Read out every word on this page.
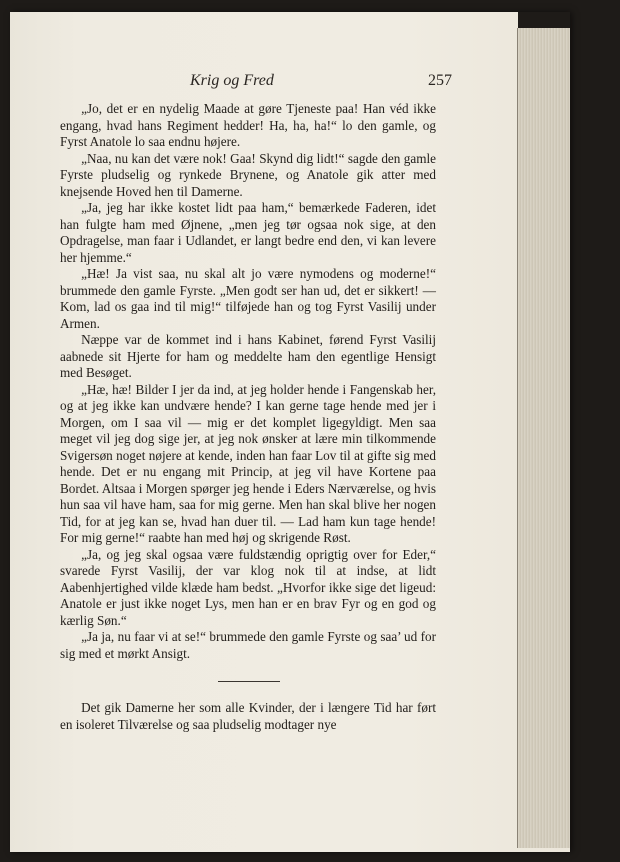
Krig og Fred	257

„Jo, det er en nydelig Maade at gøre Tjeneste paa! Han véd ikke engang, hvad hans Regiment hedder! Ha, ha, ha!“ lo den gamle, og Fyrst Anatole lo saa endnu højere.

„Naa, nu kan det være nok! Gaa! Skynd dig lidt!“ sagde den gamle Fyrste pludselig og rynkede Brynene, og Anatole gik atter med knejsende Hoved hen til Damerne.

„Ja, jeg har ikke kostet lidt paa ham,“ bemærkede Faderen, idet han fulgte ham med Øjnene, „men jeg tør ogsaa nok sige, at den Opdragelse, man faar i Udlandet, er langt bedre end den, vi kan levere her hjemme.“

„Hæ! Ja vist saa, nu skal alt jo være nymodens og moderne!“ brummede den gamle Fyrste. „Men godt ser han ud, det er sikkert! — Kom, lad os gaa ind til mig!“ tilføjede han og tog Fyrst Vasilij under Armen.

Næppe var de kommet ind i hans Kabinet, førend Fyrst Vasilij aabnede sit Hjerte for ham og meddelte ham den egentlige Hensigt med Besøget.

„Hæ, hæ! Bilder I jer da ind, at jeg holder hende i Fangenskab her, og at jeg ikke kan undvære hende? I kan gerne tage hende med jer i Morgen, om I saa vil — mig er det komplet ligegyldigt. Men saa meget vil jeg dog sige jer, at jeg nok ønsker at lære min tilkommende Svigersøn noget nøjere at kende, inden han faar Lov til at gifte sig med hende. Det er nu engang mit Princip, at jeg vil have Kortene paa Bordet. Altsaa i Morgen spørger jeg hende i Eders Nærværelse, og hvis hun saa vil have ham, saa for mig gerne. Men han skal blive her nogen Tid, for at jeg kan se, hvad han duer til. — Lad ham kun tage hende! For mig gerne!“ raabte han med høj og skrigende Røst.

„Ja, og jeg skal ogsaa være fuldstændig oprigtig over for Eder,“ svarede Fyrst Vasilij, der var klog nok til at indse, at lidt Aabenhjertighed vilde klæde ham bedst. „Hvorfor ikke sige det ligeud: Anatole er just ikke noget Lys, men han er en brav Fyr og en god og kærlig Søn.“

„Ja ja, nu faar vi at se!“ brummede den gamle Fyrste og saa’ ud for sig med et mørkt Ansigt.

Det gik Damerne her som alle Kvinder, der i længere Tid har ført en isoleret Tilværelse og saa pludselig modtager nye
